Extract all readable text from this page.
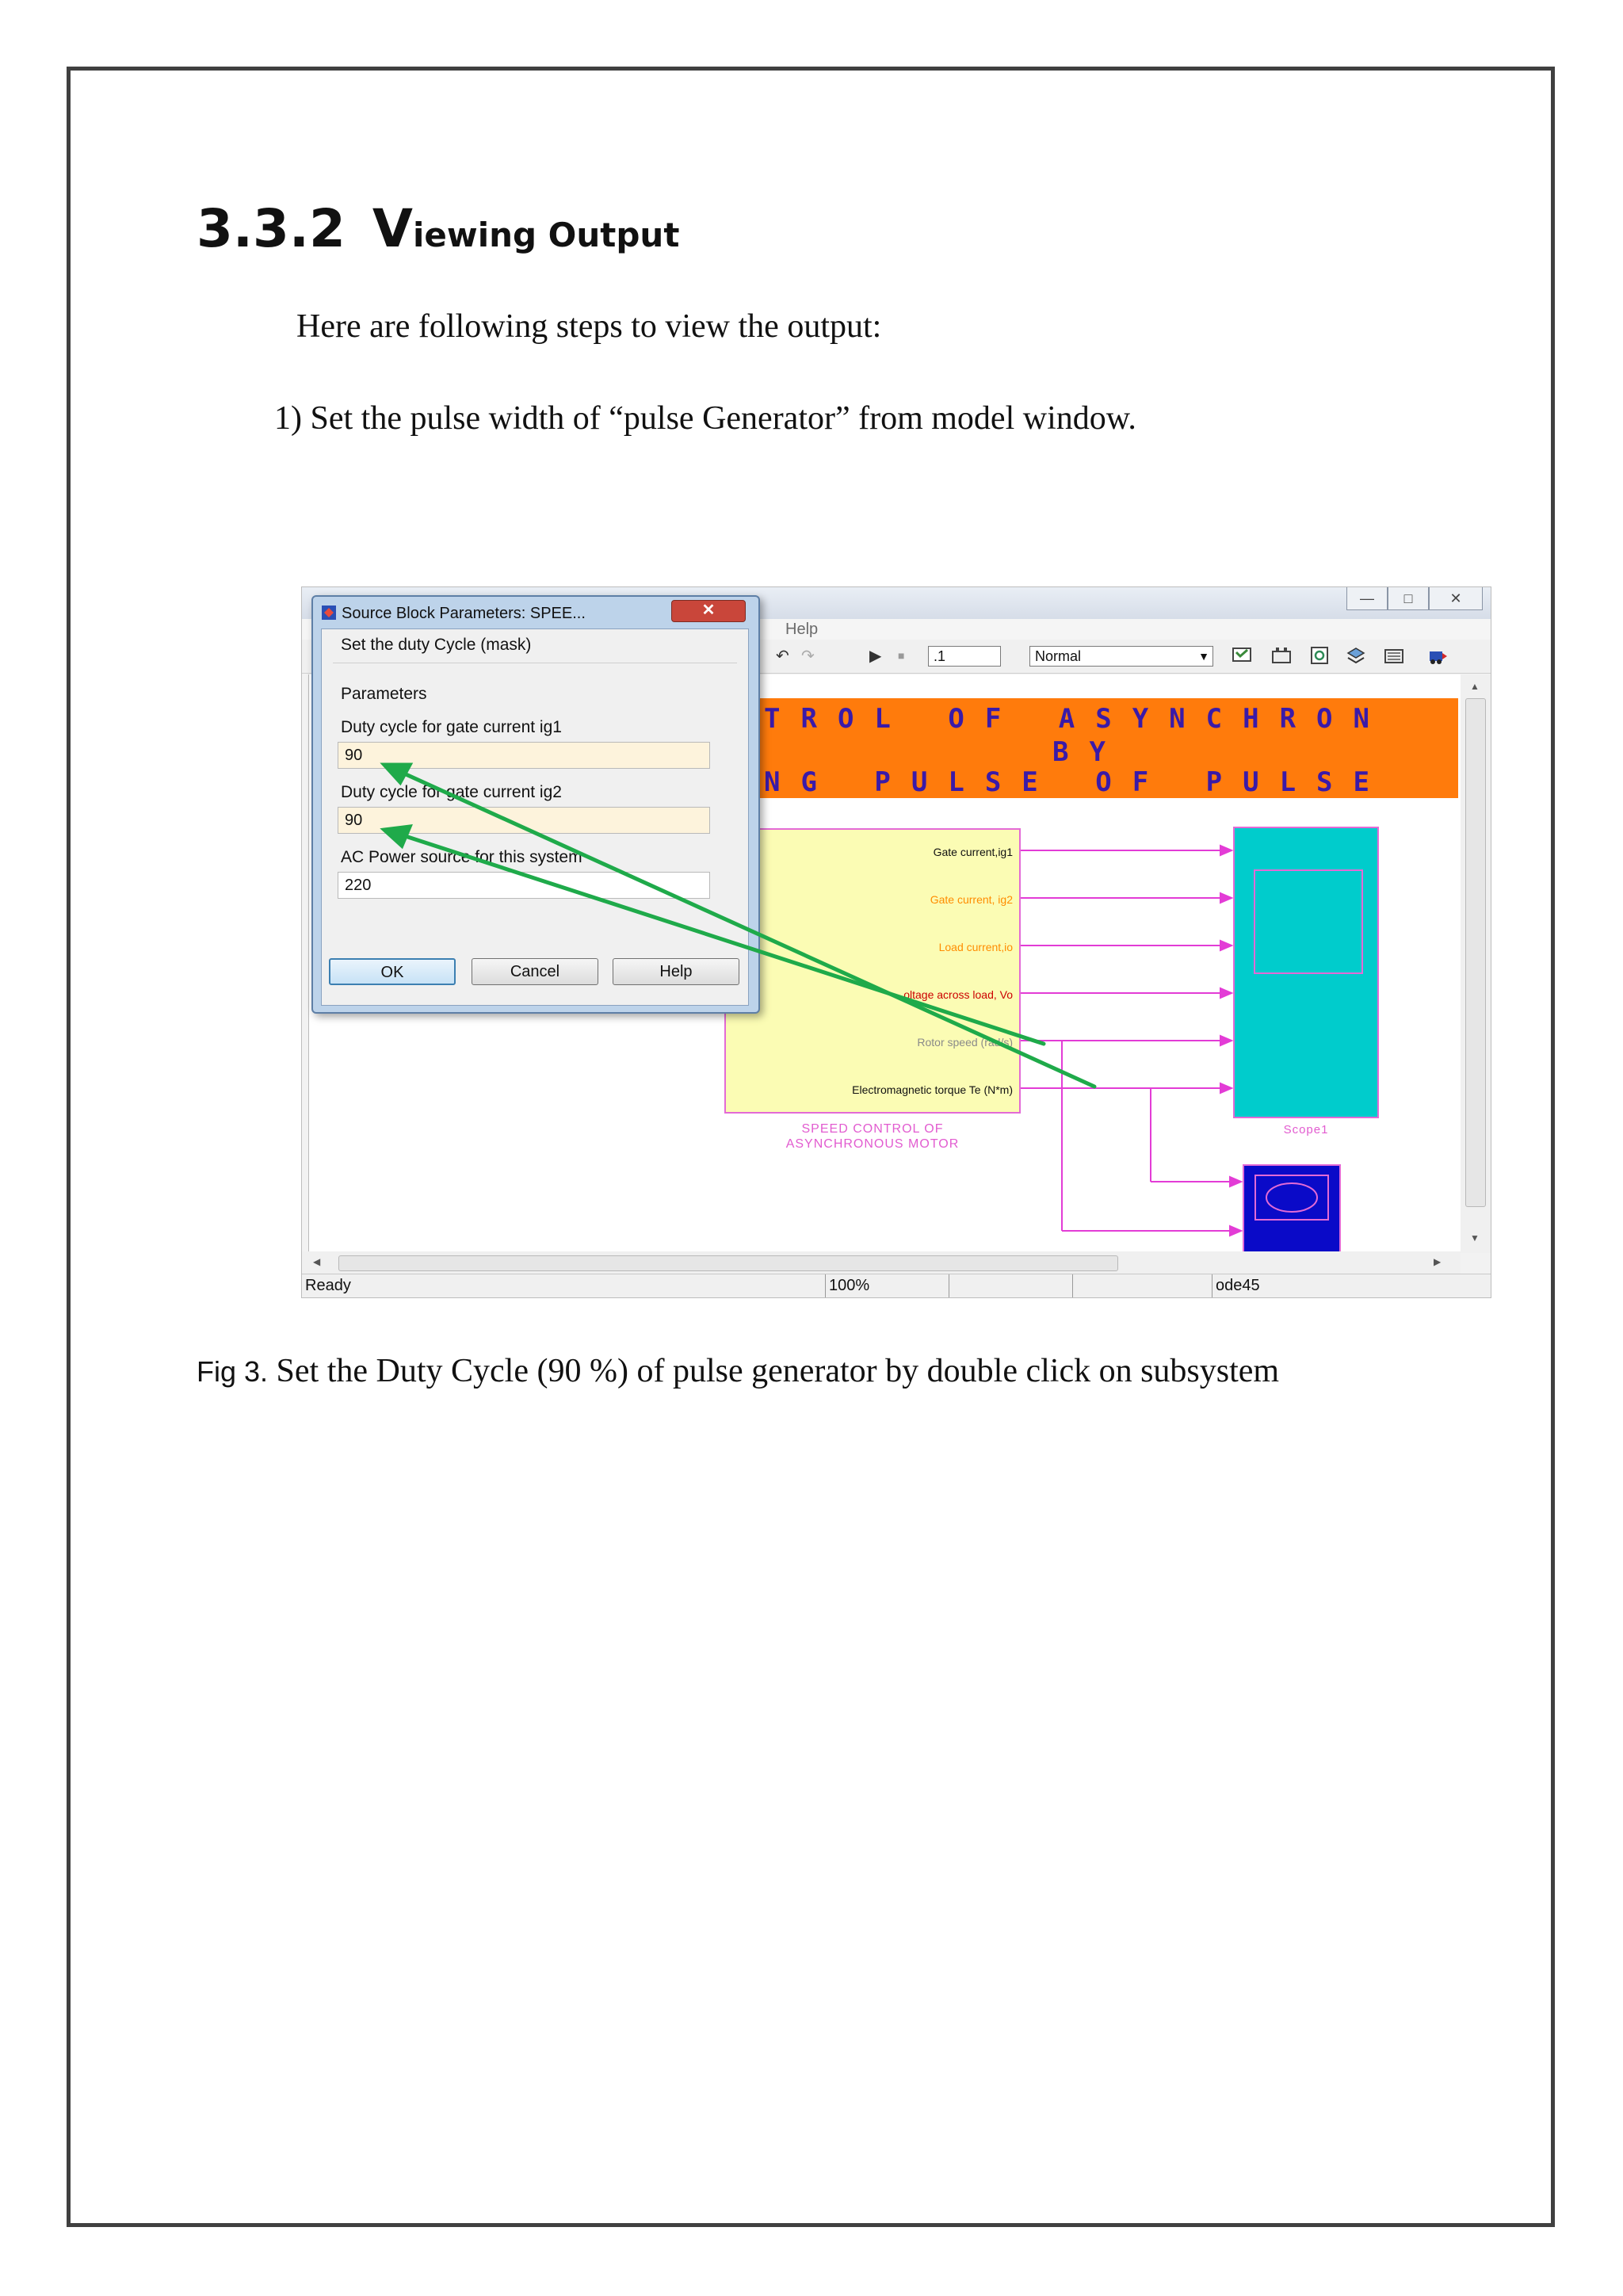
3.3.2 Viewing Output
Here are following steps to view the output:
1) Set the pulse width of “pulse Generator” from model window.
—	□	✕
Help
↶ ↷	▶ ■	.1	Normal	▼
TROL OF ASYNCHRON
BY
NG PULSE OF PULSE
Gate current,ig1
Gate current, ig2
Load current,io
oltage across load, Vo
Rotor speed (rad/s)
Electromagnetic torque Te (N*m)
SPEED CONTROL OF
ASYNCHRONOUS MOTOR
Scope1
▲
▼
◀	▶
Ready	100%	ode45
Source Block Parameters: SPEE...	✕
Set the duty Cycle (mask)
Parameters
Duty cycle for gate current ig1
90
Duty cycle for gate current ig2
90
AC Power source for this system
220
OK	Cancel	Help
Fig 3. Set the Duty Cycle (90 %) of pulse generator by double click on subsystem
